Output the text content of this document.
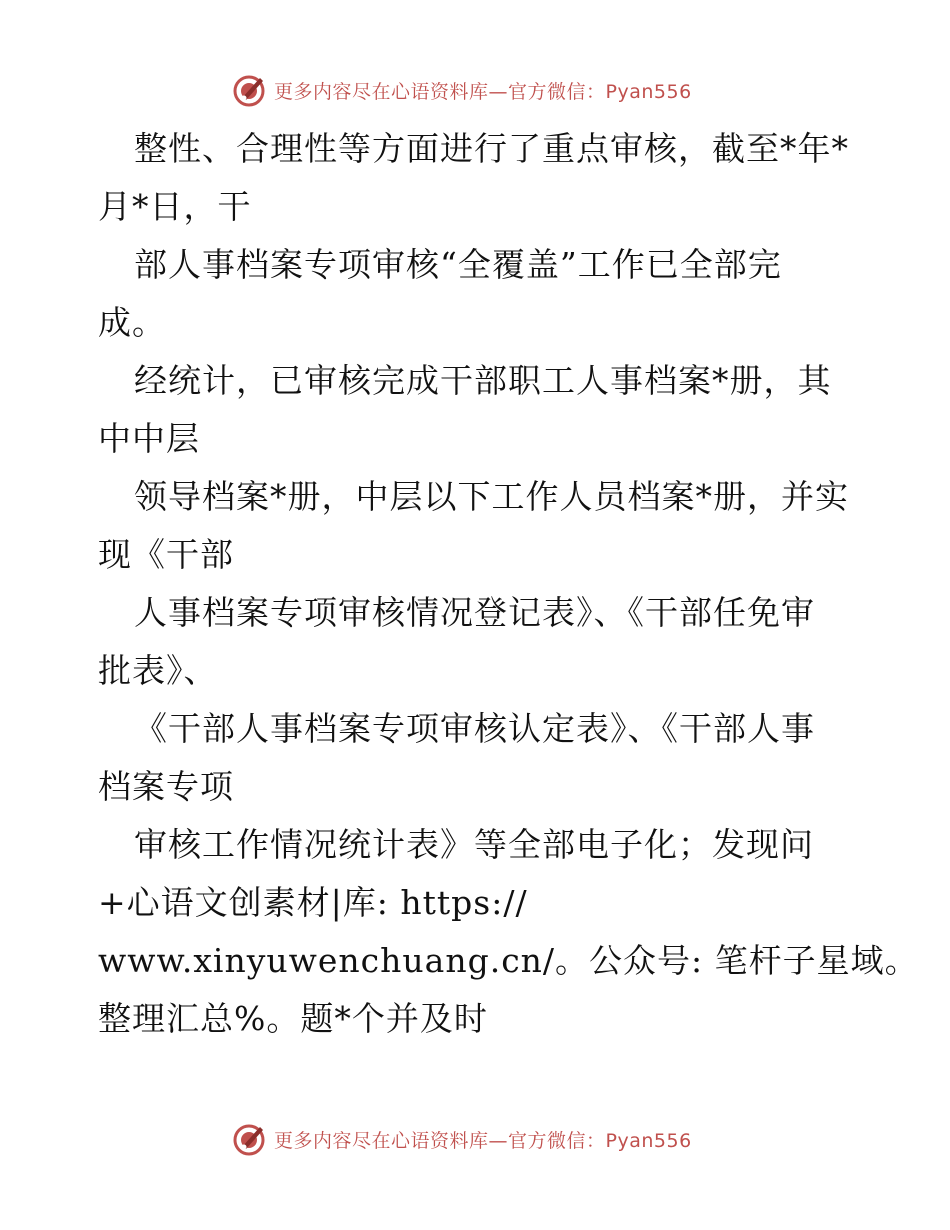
更多内容尽在心语资料库—官方微信：Pyan556
整性、合理性等方面进行了重点审核，截至*年*
月*日，干
部人事档案专项审核“全覆盖”工作已全部完
成。
经统计，已审核完成干部职工人事档案*册，其
中中层
领导档案*册，中层以下工作人员档案*册，并实
现《干部
人事档案专项审核情况登记表》、《干部任免审
批表》、
《干部人事档案专项审核认定表》、《干部人事
档案专项
审核工作情况统计表》等全部电子化；发现问
+心语文创素材|库: https://
www.xinyuwenchuang.cn/。公众号: 笔杆子星域。
整理汇总%。题*个并及时
更多内容尽在心语资料库—官方微信：Pyan556
